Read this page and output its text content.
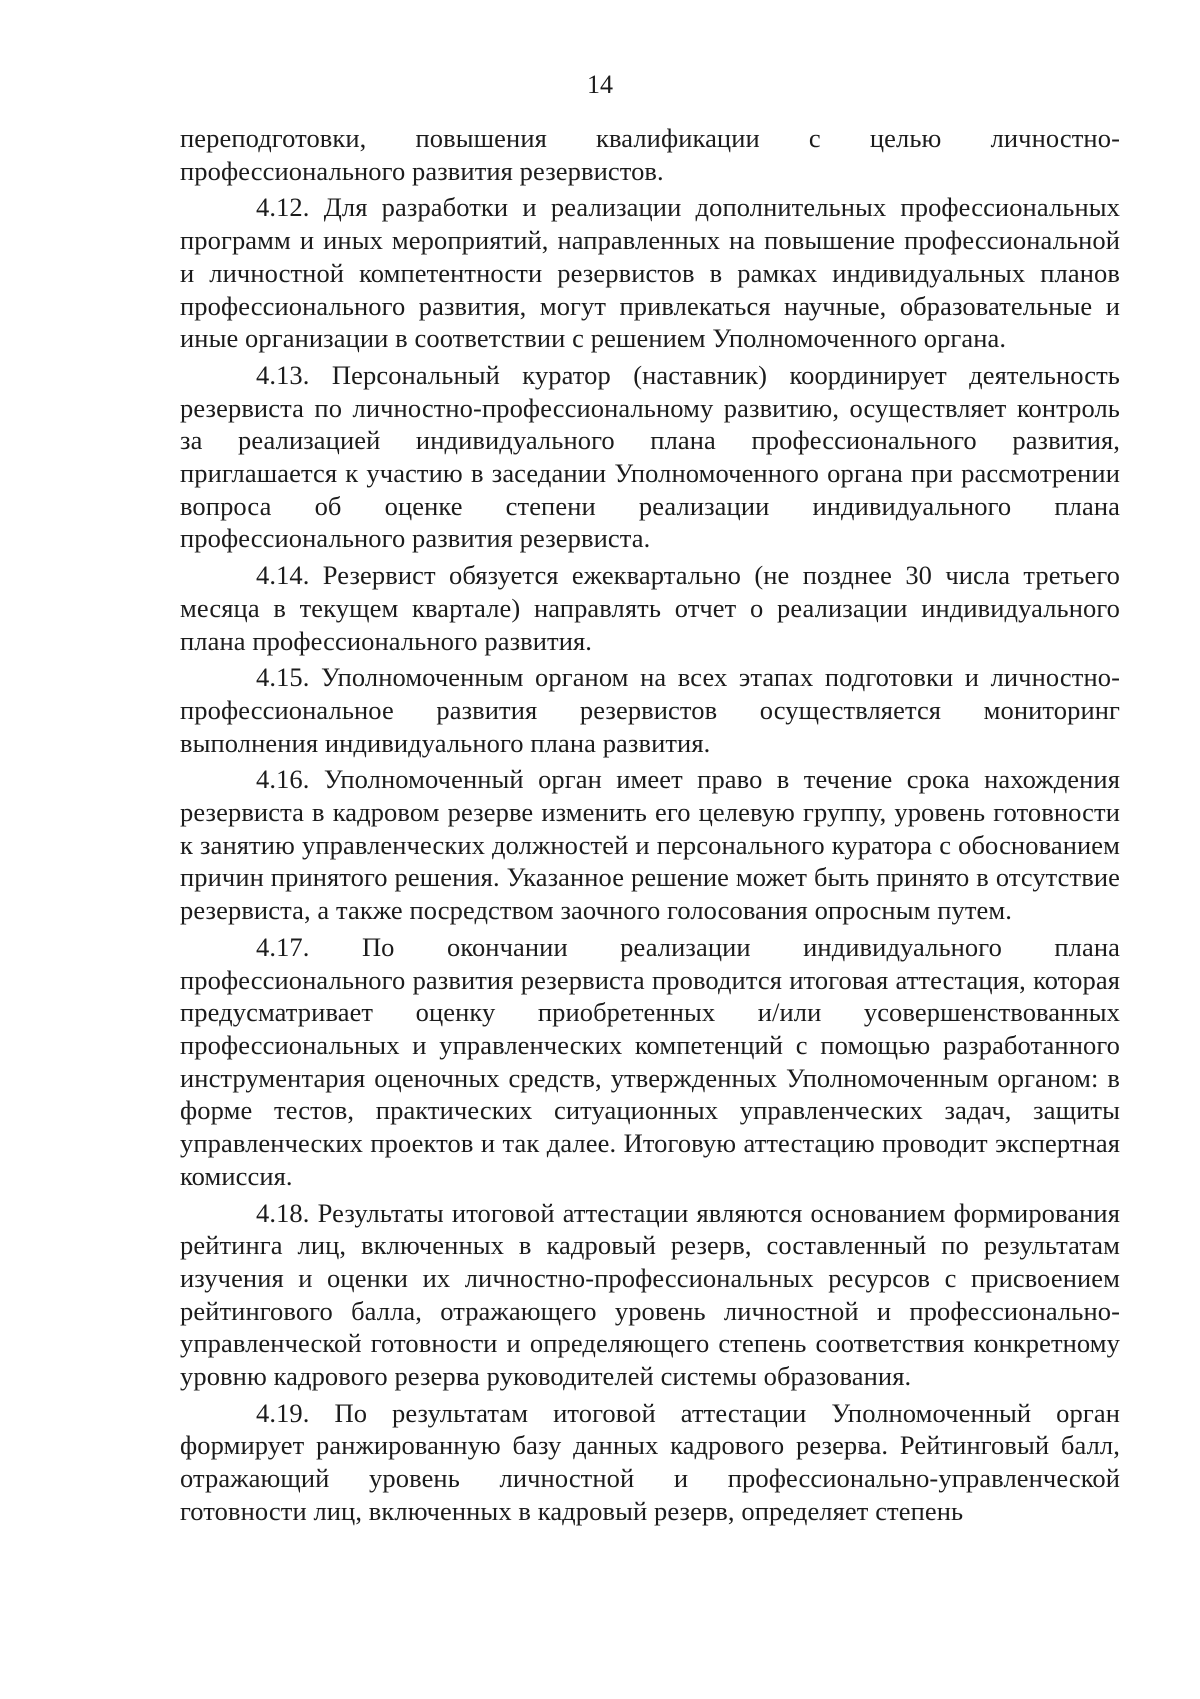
14

переподготовки, повышения квалификации с целью личностно-профессионального развития резервистов.

4.12. Для разработки и реализации дополнительных профессиональных программ и иных мероприятий, направленных на повышение профессиональной и личностной компетентности резервистов в рамках индивидуальных планов профессионального развития, могут привлекаться научные, образовательные и иные организации в соответствии с решением Уполномоченного органа.

4.13. Персональный куратор (наставник) координирует деятельность резервиста по личностно-профессиональному развитию, осуществляет контроль за реализацией индивидуального плана профессионального развития, приглашается к участию в заседании Уполномоченного органа при рассмотрении вопроса об оценке степени реализации индивидуального плана профессионального развития резервиста.

4.14. Резервист обязуется ежеквартально (не позднее 30 числа третьего месяца в текущем квартале) направлять отчет о реализации индивидуального плана профессионального развития.

4.15. Уполномоченным органом на всех этапах подготовки и личностно-профессиональное развития резервистов осуществляется мониторинг выполнения индивидуального плана развития.

4.16. Уполномоченный орган имеет право в течение срока нахождения резервиста в кадровом резерве изменить его целевую группу, уровень готовности к занятию управленческих должностей и персонального куратора с обоснованием причин принятого решения. Указанное решение может быть принято в отсутствие резервиста, а также посредством заочного голосования опросным путем.

4.17. По окончании реализации индивидуального плана профессионального развития резервиста проводится итоговая аттестация, которая предусматривает оценку приобретенных и/или усовершенствованных профессиональных и управленческих компетенций с помощью разработанного инструментария оценочных средств, утвержденных Уполномоченным органом: в форме тестов, практических ситуационных управленческих задач, защиты управленческих проектов и так далее. Итоговую аттестацию проводит экспертная комиссия.

4.18. Результаты итоговой аттестации являются основанием формирования рейтинга лиц, включенных в кадровый резерв, составленный по результатам изучения и оценки их личностно-профессиональных ресурсов с присвоением рейтингового балла, отражающего уровень личностной и профессионально-управленческой готовности и определяющего степень соответствия конкретному уровню кадрового резерва руководителей системы образования.

4.19. По результатам итоговой аттестации Уполномоченный орган формирует ранжированную базу данных кадрового резерва. Рейтинговый балл, отражающий уровень личностной и профессионально-управленческой готовности лиц, включенных в кадровый резерв, определяет степень
